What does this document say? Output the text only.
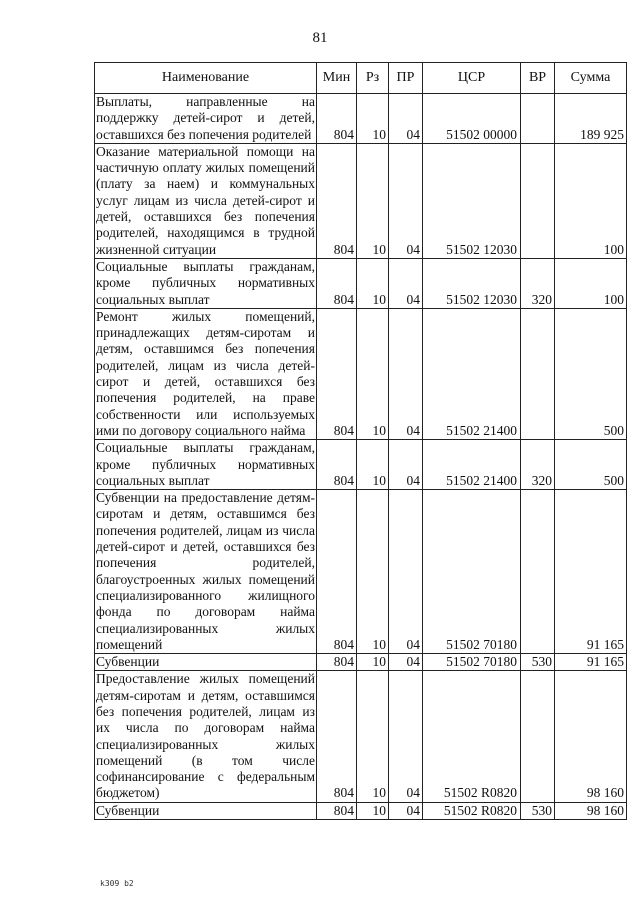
81
Наименование	Мин	Рз	ПР	ЦСР	ВР	Сумма
Выплаты, направленные на поддержку детей-сирот и детей, оставшихся без попечения родителей	804	10	04	51502 00000		189 925
Оказание материальной помощи на частичную оплату жилых помещений (плату за наем) и коммунальных услуг лицам из числа детей-сирот и детей, оставшихся без попечения родителей, находящимся в трудной жизненной ситуации	804	10	04	51502 12030		100
Социальные выплаты гражданам, кроме публичных нормативных социальных выплат	804	10	04	51502 12030	320	100
Ремонт жилых помещений, принадлежащих детям-сиротам и детям, оставшимся без попечения родителей, лицам из числа детей-сирот и детей, оставшихся без попечения родителей, на праве собственности или используемых ими по договору социального найма	804	10	04	51502 21400		500
Социальные выплаты гражданам, кроме публичных нормативных социальных выплат	804	10	04	51502 21400	320	500
Субвенции на предоставление детям-сиротам и детям, оставшимся без попечения родителей, лицам из числа детей-сирот и детей, оставшихся без попечения родителей, благоустроенных жилых помещений специализированного жилищного фонда по договорам найма специализированных жилых помещений	804	10	04	51502 70180		91 165
Субвенции	804	10	04	51502 70180	530	91 165
Предоставление жилых помещений детям-сиротам и детям, оставшимся без попечения родителей, лицам из их числа по договорам найма специализированных жилых помещений (в том числе софинансирование с федеральным бюджетом)	804	10	04	51502 R0820		98 160
Субвенции	804	10	04	51502 R0820	530	98 160
k309 b2
